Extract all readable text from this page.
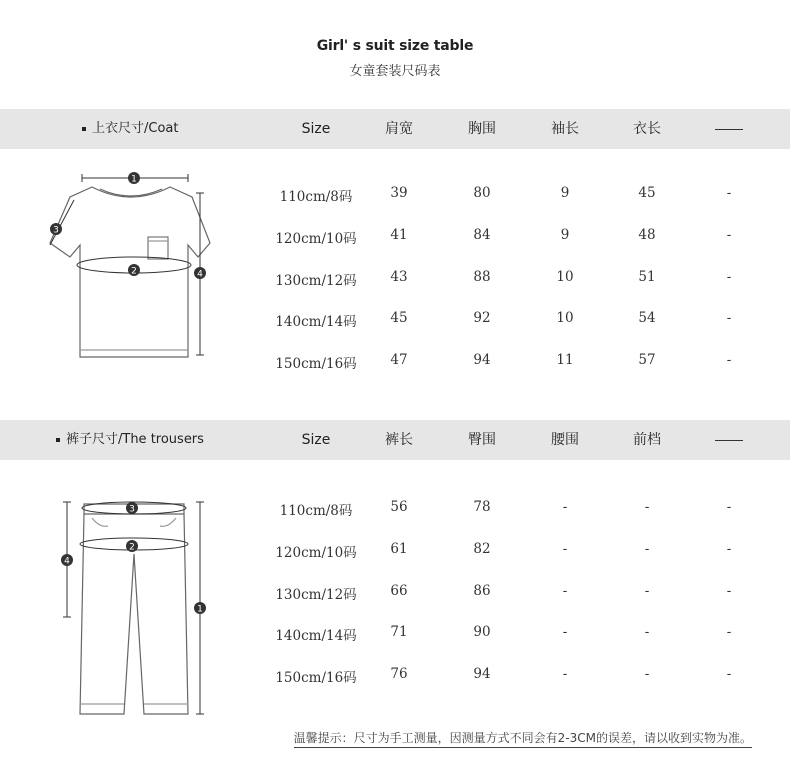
Girl' s suit size table
女童套装尺码表
上衣尺寸/Coat	Size	肩宽	胸围	袖长	衣长
1
2
3
4
110cm/8码	39	80	9	45	-
120cm/10码	41	84	9	48	-
130cm/12码	43	88	10	51	-
140cm/14码	45	92	10	54	-
150cm/16码	47	94	11	57	-
裤子尺寸/The trousers	Size	裤长	臀围	腰围	前档
1
2
3
4
110cm/8码	56	78	-	-	-
120cm/10码	61	82	-	-	-
130cm/12码	66	86	-	-	-
140cm/14码	71	90	-	-	-
150cm/16码	76	94	-	-	-
温馨提示：尺寸为手工测量，因测量方式不同会有2-3CM的误差，请以收到实物为准。
